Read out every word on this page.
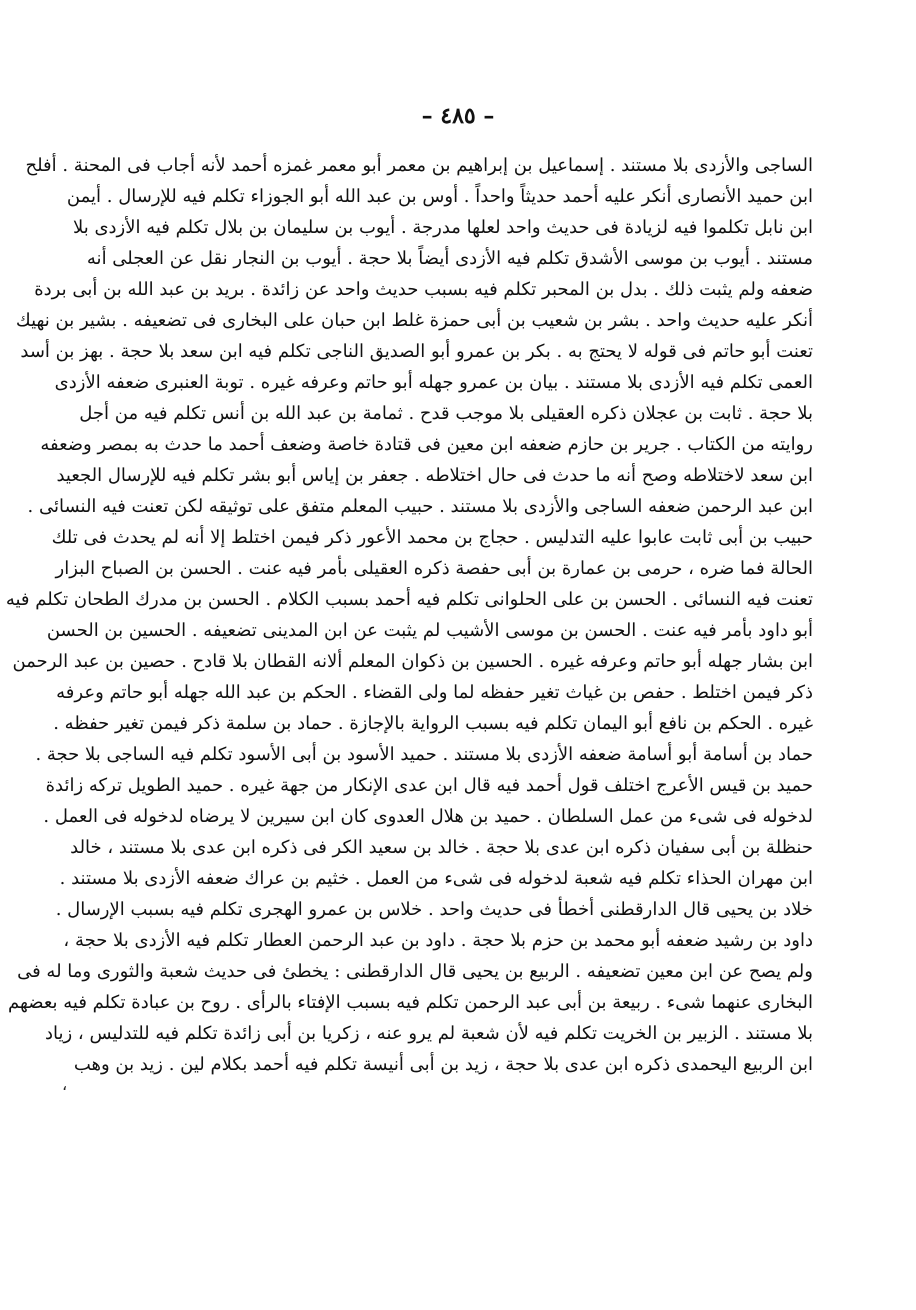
– ٤٨٥ –
الساجى والأزدى بلا مستند . إسماعيل بن إبراهيم بن معمر أبو معمر غمزه أحمد لأنه أجاب فى المحنة . أفلح
ابن حميد الأنصارى أنكر عليه أحمد حديثاً واحداً . أوس بن عبد الله أبو الجوزاء تكلم فيه للإرسال . أيمن
ابن نابل تكلموا فيه لزيادة فى حديث واحد لعلها مدرجة . أيوب بن سليمان بن بلال تكلم فيه الأزدى بلا
مستند . أيوب بن موسى الأشدق تكلم فيه الأزدى أيضاً بلا حجة . أيوب بن النجار نقل عن العجلى أنه
ضعفه ولم يثبت ذلك . بدل بن المحبر تكلم فيه بسبب حديث واحد عن زائدة . بريد بن عبد الله بن أبى بردة
أنكر عليه حديث واحد . بشر بن شعيب بن أبى حمزة غلط ابن حبان على البخارى فى تضعيفه . بشير بن نهيك
تعنت أبو حاتم فى قوله لا يحتج به . بكر بن عمرو أبو الصديق الناجى تكلم فيه ابن سعد بلا حجة . بهز بن أسد
العمى تكلم فيه الأزدى بلا مستند . بيان بن عمرو جهله أبو حاتم وعرفه غيره . توبة العنبرى ضعفه الأزدى
بلا حجة . ثابت بن عجلان ذكره العقيلى بلا موجب قدح . ثمامة بن عبد الله بن أنس تكلم فيه من أجل
روايته من الكتاب . جرير بن حازم ضعفه ابن معين فى قتادة خاصة وضعف أحمد ما حدث به بمصر وضعفه
ابن سعد لاختلاطه وصح أنه ما حدث فى حال اختلاطه . جعفر بن إياس أبو بشر تكلم فيه للإرسال الجعيد
ابن عبد الرحمن ضعفه الساجى والأزدى بلا مستند . حبيب المعلم متفق على توثيقه لكن تعنت فيه النسائى .
حبيب بن أبى ثابت عابوا عليه التدليس . حجاج بن محمد الأعور ذكر فيمن اختلط إلا أنه لم يحدث فى تلك
الحالة فما ضره ، حرمى بن عمارة بن أبى حفصة ذكره العقيلى بأمر فيه عنت . الحسن بن الصباح البزار
تعنت فيه النسائى . الحسن بن على الحلوانى تكلم فيه أحمد بسبب الكلام . الحسن بن مدرك الطحان تكلم فيه
أبو داود بأمر فيه عنت . الحسن بن موسى الأشيب لم يثبت عن ابن المدينى تضعيفه . الحسين بن الحسن
ابن بشار جهله أبو حاتم وعرفه غيره . الحسين بن ذكوان المعلم ألانه القطان بلا قادح . حصين بن عبد الرحمن
ذكر فيمن اختلط . حفص بن غياث تغير حفظه لما ولى القضاء . الحكم بن عبد الله جهله أبو حاتم وعرفه
غيره . الحكم بن نافع أبو اليمان تكلم فيه بسبب الرواية بالإجازة . حماد بن سلمة ذكر فيمن تغير حفظه .
حماد بن أسامة أبو أسامة ضعفه الأزدى بلا مستند . حميد الأسود بن أبى الأسود تكلم فيه الساجى بلا حجة .
حميد بن قيس الأعرج اختلف قول أحمد فيه قال ابن عدى الإنكار من جهة غيره . حميد الطويل تركه زائدة
لدخوله فى شىء من عمل السلطان . حميد بن هلال العدوى كان ابن سيرين لا يرضاه لدخوله فى العمل .
حنظلة بن أبى سفيان ذكره ابن عدى بلا حجة . خالد بن سعيد الكر فى ذكره ابن عدى بلا مستند ، خالد
ابن مهران الحذاء تكلم فيه شعبة لدخوله فى شىء من العمل . خثيم بن عراك ضعفه الأزدى بلا مستند .
خلاد بن يحيى قال الدارقطنى أخطأ فى حديث واحد . خلاس بن عمرو الهجرى تكلم فيه بسبب الإرسال .
داود بن رشيد ضعفه أبو محمد بن حزم بلا حجة . داود بن عبد الرحمن العطار تكلم فيه الأزدى بلا حجة ،
ولم يصح عن ابن معين تضعيفه . الربيع بن يحيى قال الدارقطنى : يخطىٔ فى حديث شعبة والثورى وما له فى
البخارى عنهما شىء . ربيعة بن أبى عبد الرحمن تكلم فيه بسبب الإفتاء بالرأى . روح بن عبادة تكلم فيه بعضهم
بلا مستند . الزبير بن الخريت تكلم فيه لأن شعبة لم يرو عنه ، زكريا بن أبى زائدة تكلم فيه للتدليس ، زياد
ابن الربيع اليحمدى ذكره ابن عدى بلا حجة ، زيد بن أبى أنيسة تكلم فيه أحمد بكلام لين . زيد بن وهب
،
